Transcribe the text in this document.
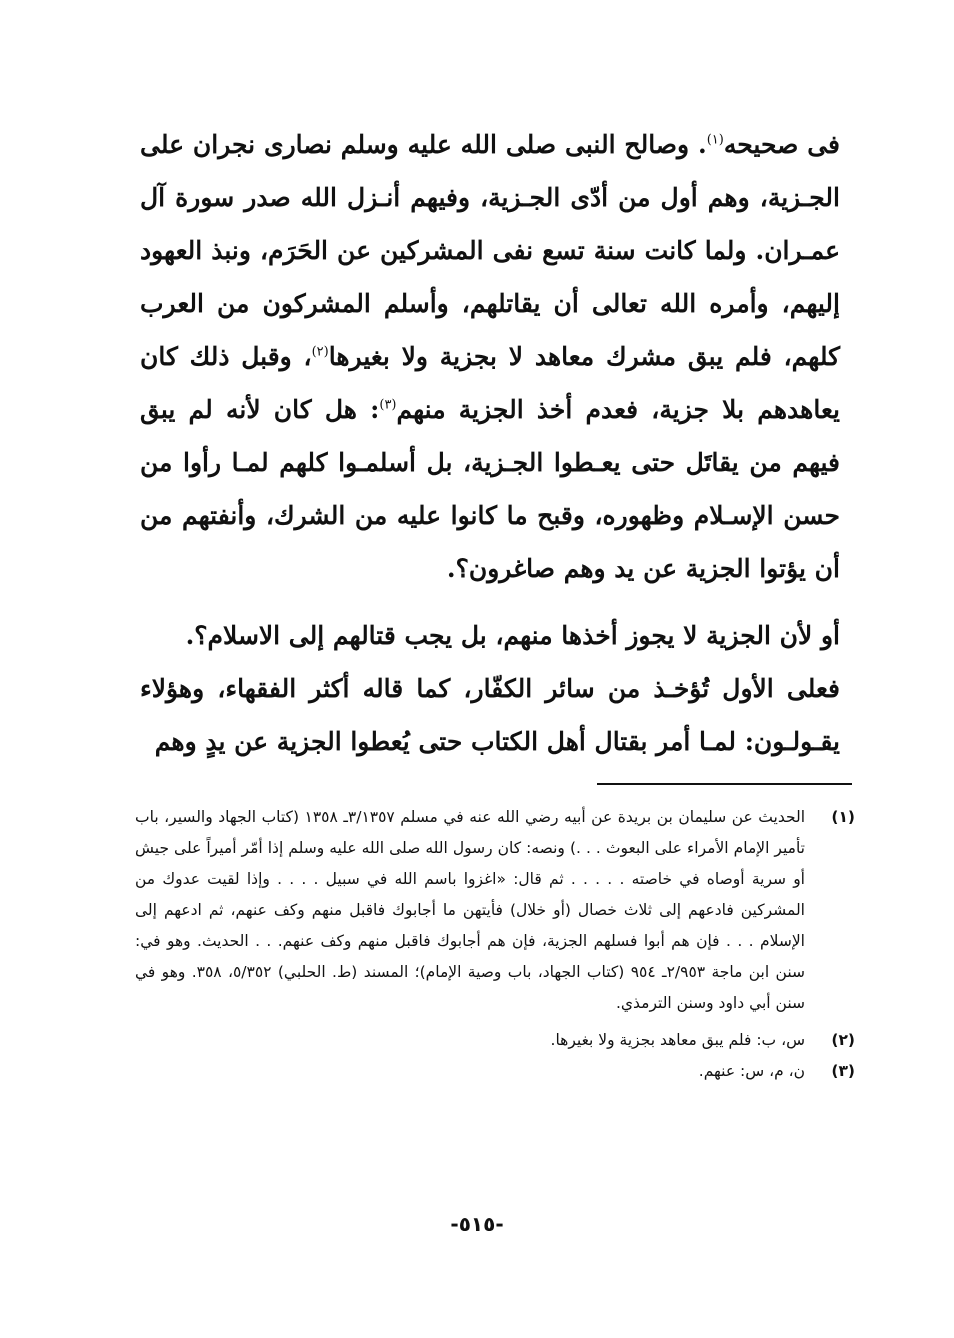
فى صحيحه$^{(١)}$. وصالح النبى صلى الله عليه وسلم نصارى نجران على الجـزية، وهم أول من أدّى الجـزية، وفيهم أنـزل الله صدر سورة آل عمـران. ولما كانت سنة تسع نفى المشركين عن الحَرَم، ونبذ العهود إليهم، وأمره الله تعالى أن يقاتلهم، وأسلم المشركون من العرب كلهم، فلم يبق مشرك معاهد لا بجزية ولا بغيرها$^{(٢)}$، وقبل ذلك كان يعاهدهم بلا جزية، فعدم أخذ الجزية منهم$^{(٣)}$: هل كان لأنه لم يبق فيهم من يقاتَل حتى يعـطوا الجـزية، بل أسلمـوا كلهم لمـا رأوا من حسن الإسـلام وظهوره، وقبح ما كانوا عليه من الشرك، وأنفتهم من أن يؤتوا الجزية عن يد وهم صاغرون؟.

أو لأن الجزية لا يجوز أخذها منهم، بل يجب قتالهم إلى الاسلام؟.

فعلى الأول تُؤخـذ من سائر الكفّار، كما قاله أكثر الفقهاء، وهؤلاء يقـولـون: لمـا أمر بقتال أهل الكتاب حتى يُعطوا الجزية عن يدٍ وهم

(١)
الحديث عن سليمان بن بريدة عن أبيه رضي الله عنه في مسلم ٣/١٣٥٧ـ ١٣٥٨ (كتاب الجهاد والسير، باب تأمير الإمام الأمراء على البعوث . . .) ونصه: كان رسول الله صلى الله عليه وسلم إذا أمّر أميراً على جيش أو سرية أوصاه في خاصته . . . . . ثم قال: «اغزوا باسم الله في سبيل . . . . وإذا لقيت عدوك من المشركين فادعهم إلى ثلاث خصال (أو خلال) فأيتهن ما أجابوك فاقبل منهم وكف عنهم، ثم ادعهم إلى الإسلام . . . فإن هم أبوا فسلهم الجزية، فإن هم أجابوك فاقبل منهم وكف عنهم. . . الحديث. وهو في: سنن ابن ماجة ٢/٩٥٣ـ ٩٥٤ (كتاب الجهاد، باب وصية الإمام)؛ المسند (ط. الحلبي) ٥/٣٥٢، ٣٥٨. وهو في سنن أبي داود وسنن الترمذي.
(٢)
س، ب: فلم يبق معاهد بجزية ولا بغيرها.
(٣)
ن، م، س: عنهم.
-٥١٥-
